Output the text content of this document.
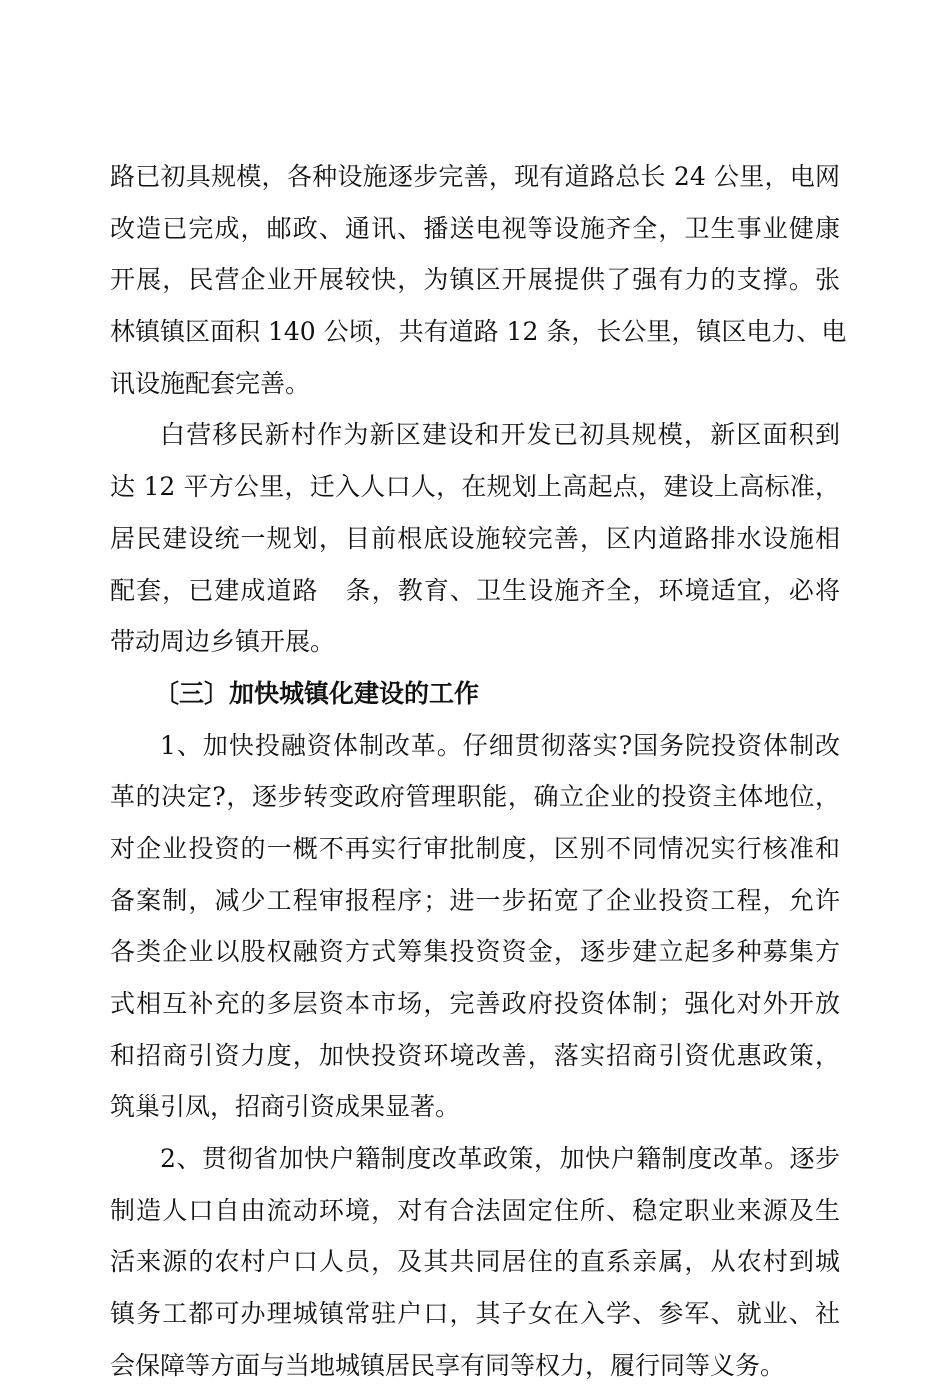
路已初具规模，各种设施逐步完善，现有道路总长 24 公里，电网
改造已完成，邮政、通讯、播送电视等设施齐全，卫生事业健康
开展，民营企业开展较快，为镇区开展提供了强有力的支撑。张
林镇镇区面积 140 公顷，共有道路 12 条，长公里，镇区电力、电
讯设施配套完善。
白营移民新村作为新区建设和开发已初具规模，新区面积到
达 12 平方公里，迁入人口人，在规划上高起点，建设上高标准，
居民建设统一规划，目前根底设施较完善，区内道路排水设施相
配套，已建成道路   条，教育、卫生设施齐全，环境适宜，必将
带动周边乡镇开展。
〔三〕加快城镇化建设的工作
1、加快投融资体制改革。仔细贯彻落实?国务院投资体制改
革的决定?，逐步转变政府管理职能，确立企业的投资主体地位，
对企业投资的一概不再实行审批制度，区别不同情况实行核准和
备案制，减少工程审报程序；进一步拓宽了企业投资工程，允许
各类企业以股权融资方式筹集投资资金，逐步建立起多种募集方
式相互补充的多层资本市场，完善政府投资体制；强化对外开放
和招商引资力度，加快投资环境改善，落实招商引资优惠政策，
筑巢引凤，招商引资成果显著。
2、贯彻省加快户籍制度改革政策，加快户籍制度改革。逐步
制造人口自由流动环境，对有合法固定住所、稳定职业来源及生
活来源的农村户口人员，及其共同居住的直系亲属，从农村到城
镇务工都可办理城镇常驻户口，其子女在入学、参军、就业、社
会保障等方面与当地城镇居民享有同等权力，履行同等义务。
